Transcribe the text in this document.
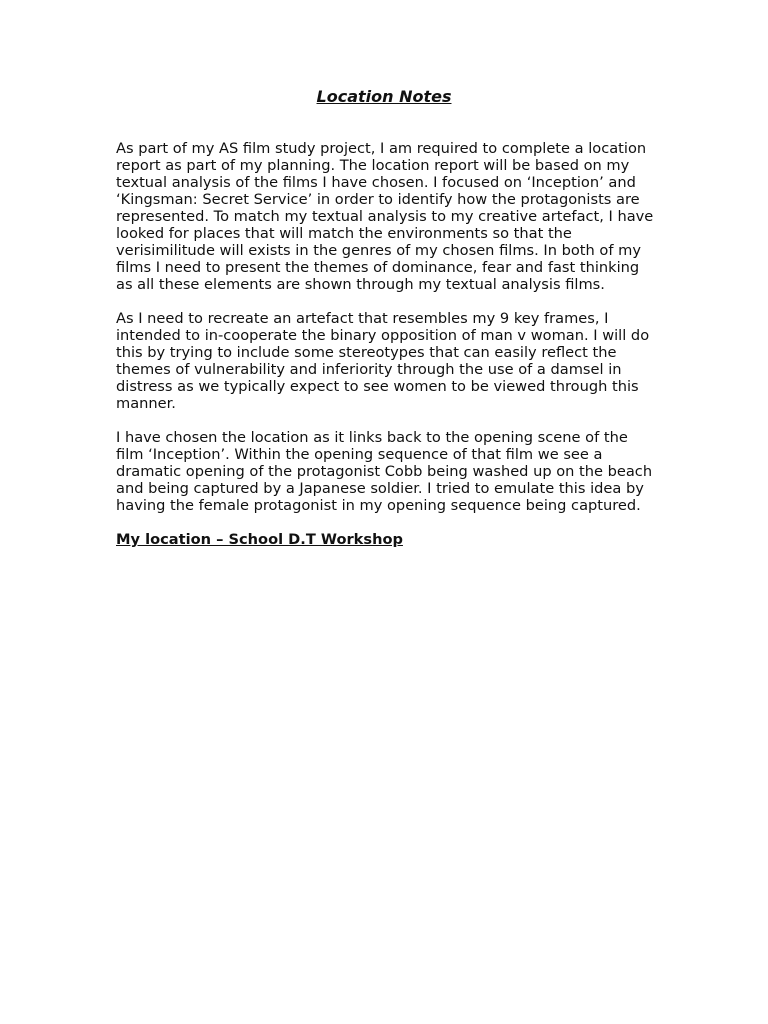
Location Notes

As part of my AS film study project, I am required to complete a location report as part of my planning. The location report will be based on my textual analysis of the films I have chosen. I focused on ‘Inception’ and ‘Kingsman: Secret Service’ in order to identify how the protagonists are represented. To match my textual analysis to my creative artefact, I have looked for places that will match the environments so that the verisimilitude will exists in the genres of my chosen films. In both of my films I need to present the themes of dominance, fear and fast thinking as all these elements are shown through my textual analysis films.

As I need to recreate an artefact that resembles my 9 key frames, I intended to in-cooperate the binary opposition of man v woman. I will do this by trying to include some stereotypes that can easily reflect the themes of vulnerability and inferiority through the use of a damsel in distress as we typically expect to see women to be viewed through this manner.

I have chosen the location as it links back to the opening scene of the film ‘Inception’. Within the opening sequence of that film we see a dramatic opening of the protagonist Cobb being washed up on the beach and being captured by a Japanese soldier. I tried to emulate this idea by having the female protagonist in my opening sequence being captured.

My location – School D.T Workshop
